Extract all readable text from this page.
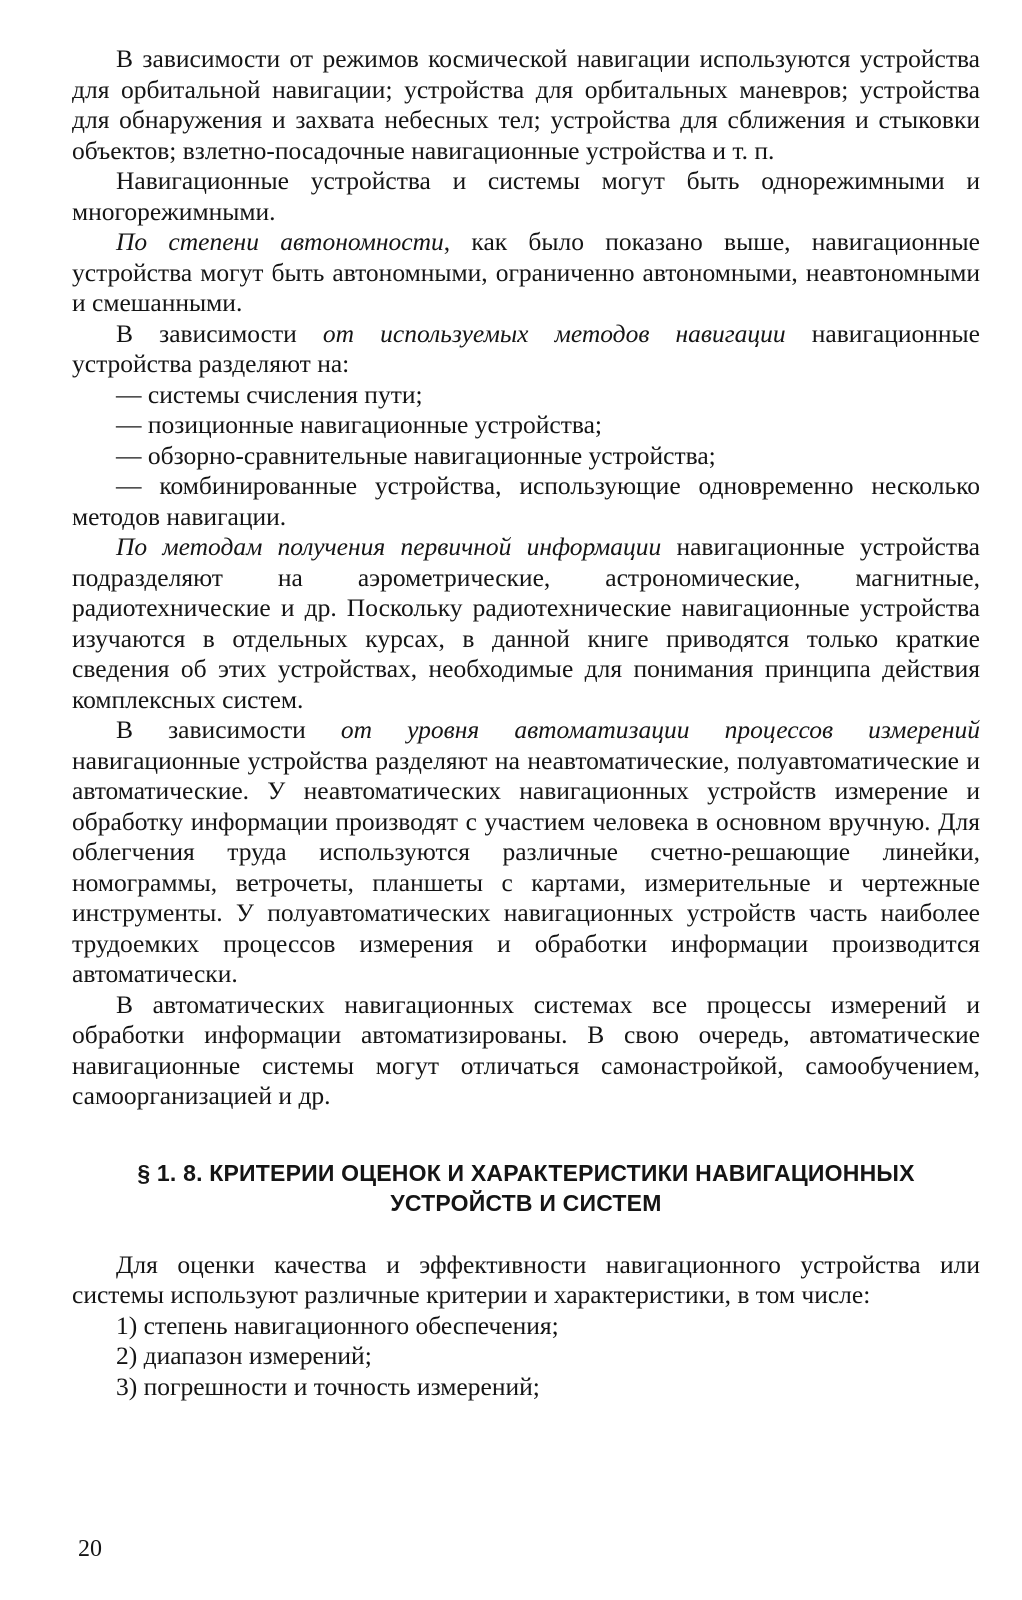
В зависимости от режимов космической навигации используются устройства для орбитальной навигации; устройства для орбитальных маневров; устройства для обнаружения и захвата небесных тел; устройства для сближения и стыковки объектов; взлетно-посадочные навигационные устройства и т. п.

Навигационные устройства и системы могут быть однорежимными и многорежимными.

По степени автономности, как было показано выше, навигационные устройства могут быть автономными, ограниченно автономными, неавтономными и смешанными.

В зависимости от используемых методов навигации навигационные устройства разделяют на:

— системы счисления пути;

— позиционные навигационные устройства;

— обзорно-сравнительные навигационные устройства;

— комбинированные устройства, использующие одновременно несколько методов навигации.

По методам получения первичной информации навигационные устройства подразделяют на аэрометрические, астрономические, магнитные, радиотехнические и др. Поскольку радиотехнические навигационные устройства изучаются в отдельных курсах, в данной книге приводятся только краткие сведения об этих устройствах, необходимые для понимания принципа действия комплексных систем.

В зависимости от уровня автоматизации процессов измерений навигационные устройства разделяют на неавтоматические, полуавтоматические и автоматические. У неавтоматических навигационных устройств измерение и обработку информации производят с участием человека в основном вручную. Для облегчения труда используются различные счетно-решающие линейки, номограммы, ветрочеты, планшеты с картами, измерительные и чертежные инструменты. У полуавтоматических навигационных устройств часть наиболее трудоемких процессов измерения и обработки информации производится автоматически.

В автоматических навигационных системах все процессы измерений и обработки информации автоматизированы. В свою очередь, автоматические навигационные системы могут отличаться самонастройкой, самообучением, самоорганизацией и др.

§ 1. 8. КРИТЕРИИ ОЦЕНОК И ХАРАКТЕРИСТИКИ НАВИГАЦИОННЫХ
УСТРОЙСТВ И СИСТЕМ

Для оценки качества и эффективности навигационного устройства или системы используют различные критерии и характеристики, в том числе:

1) степень навигационного обеспечения;

2) диапазон измерений;

3) погрешности и точность измерений;

20
